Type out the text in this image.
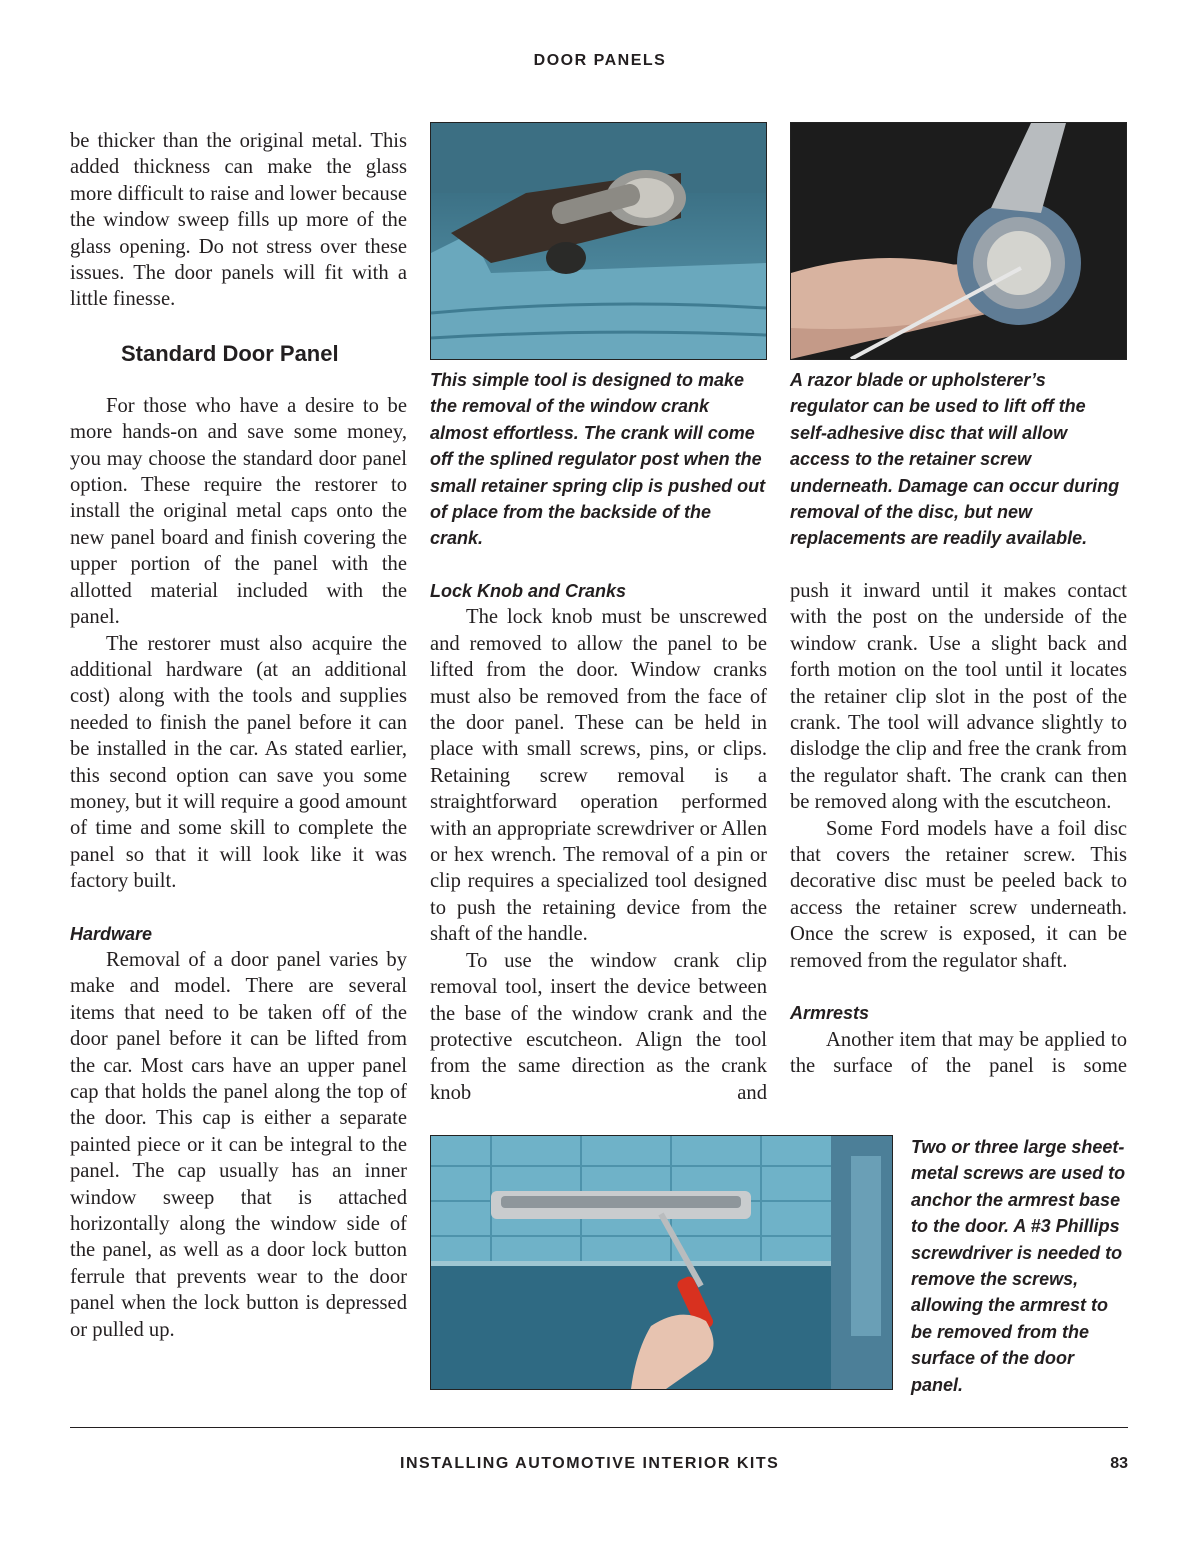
DOOR PANELS

be thicker than the original metal. This added thickness can make the glass more difficult to raise and lower because the window sweep fills up more of the glass opening. Do not stress over these issues. The door panels will fit with a little finesse.

Standard Door Panel

For those who have a desire to be more hands-on and save some money, you may choose the standard door panel option. These require the restorer to install the original metal caps onto the new panel board and finish covering the upper portion of the panel with the allotted material included with the panel.

The restorer must also acquire the additional hardware (at an additional cost) along with the tools and supplies needed to finish the panel before it can be installed in the car. As stated earlier, this second option can save you some money, but it will require a good amount of time and some skill to complete the panel so that it will look like it was factory built.

Hardware

Removal of a door panel varies by make and model. There are several items that need to be taken off of the door panel before it can be lifted from the car. Most cars have an upper panel cap that holds the panel along the top of the door. This cap is either a separate painted piece or it can be integral to the panel. The cap usually has an inner window sweep that is attached horizontally along the window side of the panel, as well as a door lock button ferrule that prevents wear to the door panel when the lock button is depressed or pulled up.

This simple tool is designed to make the removal of the window crank almost effortless. The crank will come off the splined regulator post when the small retainer spring clip is pushed out of place from the backside of the crank.
A razor blade or upholsterer’s regulator can be used to lift off the self-adhesive disc that will allow access to the retainer screw underneath. Damage can occur during removal of the disc, but new replacements are readily available.
Lock Knob and Cranks

The lock knob must be unscrewed and removed to allow the panel to be lifted from the door. Window cranks must also be removed from the face of the door panel. These can be held in place with small screws, pins, or clips. Retaining screw removal is a straightforward operation performed with an appropriate screwdriver or Allen or hex wrench. The removal of a pin or clip requires a specialized tool designed to push the retaining device from the shaft of the handle.

To use the window crank clip removal tool, insert the device between the base of the window crank and the protective escutcheon. Align the tool from the same direction as the crank knob and

push it inward until it makes contact with the post on the underside of the window crank. Use a slight back and forth motion on the tool until it locates the retainer clip slot in the post of the crank. The tool will advance slightly to dislodge the clip and free the crank from the regulator shaft. The crank can then be removed along with the escutcheon.

Some Ford models have a foil disc that covers the retainer screw. This decorative disc must be peeled back to access the retainer screw underneath. Once the screw is exposed, it can be removed from the regulator shaft.

Armrests

Another item that may be applied to the surface of the panel is some

Two or three large sheet-metal screws are used to anchor the armrest base to the door. A #3 Phillips screwdriver is needed to remove the screws, allowing the armrest to be removed from the surface of the door panel.
INSTALLING AUTOMOTIVE INTERIOR KITS	83
